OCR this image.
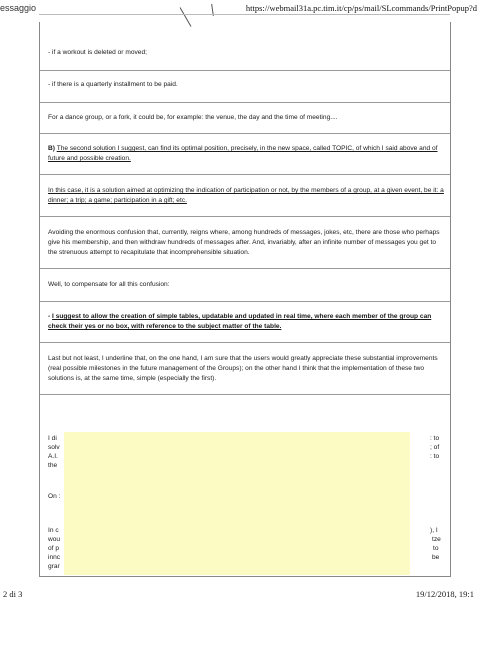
essaggio	https://webmail31a.pc.tim.it/cp/ps/mail/SLcommands/PrintPopup?d

- if a workout is deleted or moved;

- if there is a quarterly installment to be paid.

For a dance group, or a fork, it could be, for example: the venue, the day and the time of meeting....

B) The second solution I suggest, can find its optimal position, precisely, in the new space, called TOPIC, of which I said above and of future and possible creation.

In this case, it is a solution aimed at optimizing the indication of participation or not, by the members of a group, at a given event, be it: a dinner; a trip; a game; participation in a gift; etc.

Avoiding the enormous confusion that, currently, reigns where, among hundreds of messages, jokes, etc, there are those who perhaps give his membership, and then withdraw hundreds of messages after. And, invariably, after an infinite number of messages you get to the strenuous attempt to recapitulate that incomprehensible situation.

Well, to compensate for all this confusion:

- I suggest to allow the creation of simple tables, updatable and updated in real time, where each member of the group can check their yes or no box, with reference to the subject matter of the table.

Last but not least, I underline that, on the one hand, I am sure that the users would greatly appreciate these substantial improvements (real possible milestones in the future management of the Groups); on the other hand I think that the implementation of these two solutions is, at the same time, simple (especially the first).

I di

solv

A.I.

the

On :

In c

wou

of p

innc

grar

: to

; of

: to

), I

tze

to

be

2 di 3	19/12/2018, 19:1
